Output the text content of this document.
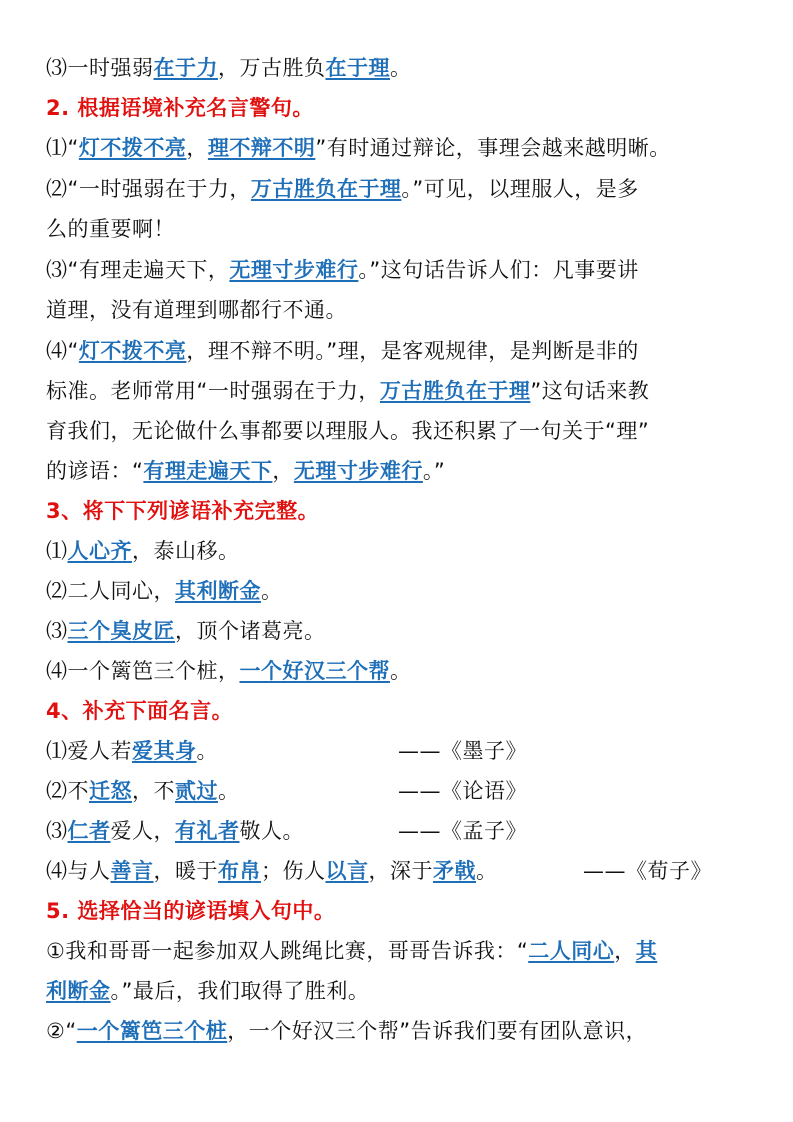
⑶一时强弱在于力，万古胜负在于理。
2. 根据语境补充名言警句。
⑴“灯不拨不亮，理不辩不明”有时通过辩论，事理会越来越明晰。
⑵“一时强弱在于力，万古胜负在于理。”可见，以理服人，是多
么的重要啊！
⑶“有理走遍天下，无理寸步难行。”这句话告诉人们：凡事要讲
道理，没有道理到哪都行不通。
⑷“灯不拨不亮，理不辩不明。”理，是客观规律，是判断是非的
标准。老师常用“一时强弱在于力，万古胜负在于理”这句话来教
育我们，无论做什么事都要以理服人。我还积累了一句关于“理”
的谚语：“有理走遍天下，无理寸步难行。”
3、将下下列谚语补充完整。
⑴人心齐，泰山移。
⑵二人同心，其利断金。
⑶三个臭皮匠，顶个诸葛亮。
⑷一个篱笆三个桩，一个好汉三个帮。
4、补充下面名言。
⑴爱人若爱其身。	——《墨子》
⑵不迁怒，不贰过。	——《论语》
⑶仁者爱人，有礼者敬人。	——《孟子》
⑷与人善言，暖于布帛；伤人以言，深于矛戟。	——《荀子》
5. 选择恰当的谚语填入句中。
①我和哥哥一起参加双人跳绳比赛，哥哥告诉我：“二人同心，其
利断金。”最后，我们取得了胜利。
②“一个篱笆三个桩，一个好汉三个帮”告诉我们要有团队意识，
